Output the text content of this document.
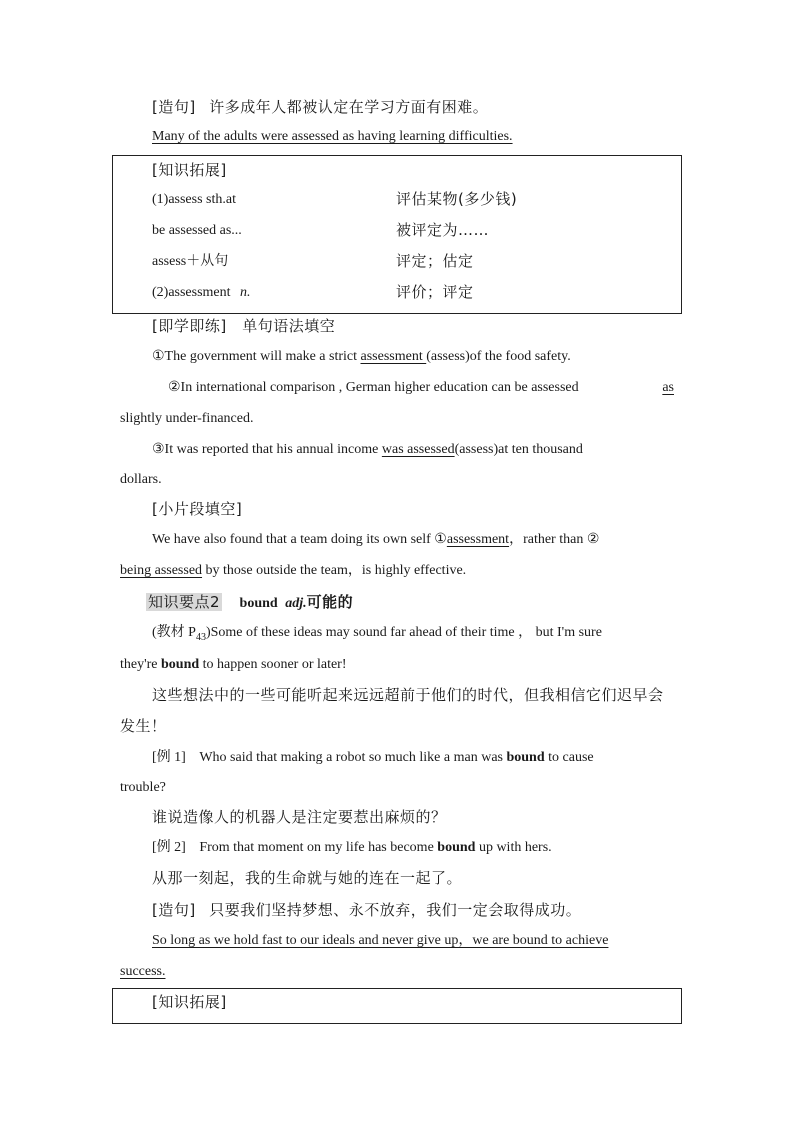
[造句] 许多成年人都被认定在学习方面有困难。
Many of the adults were assessed as having learning difficulties.
[知识拓展]
(1)assess sth.at	评估某物(多少钱)
be assessed as...	被评定为……
assess＋从句	评定；估定
(2)assessment n.	评价；评定
[即学即练]　单句语法填空
①The government will make a strict assessment (assess)of the food safety.
②In international comparison , German higher education can be assessed	as
slightly under-financed.
③It was reported that his annual income was assessed(assess)at ten thousand
dollars.
[小片段填空]
We have also found that a team doing its own self ①assessment，rather than ②
being assessed by those outside the team，is highly effective.
知识要点2 bound adj.可能的
(教材 $P_{43})Some$ of these ideas may sound far ahead of their time ， but I'm sure
they're bound to happen sooner or later!
这些想法中的一些可能听起来远远超前于他们的时代，但我相信它们迟早会
发生！
[例 1] Who said that making a robot so much like a man was bound to cause
trouble?
谁说造像人的机器人是注定要惹出麻烦的？
[例 2] From that moment on my life has become bound up with hers.
从那一刻起，我的生命就与她的连在一起了。
[造句] 只要我们坚持梦想、永不放弃，我们一定会取得成功。
So long as we hold fast to our ideals and never give up，we are bound to achieve
success.
[知识拓展]
